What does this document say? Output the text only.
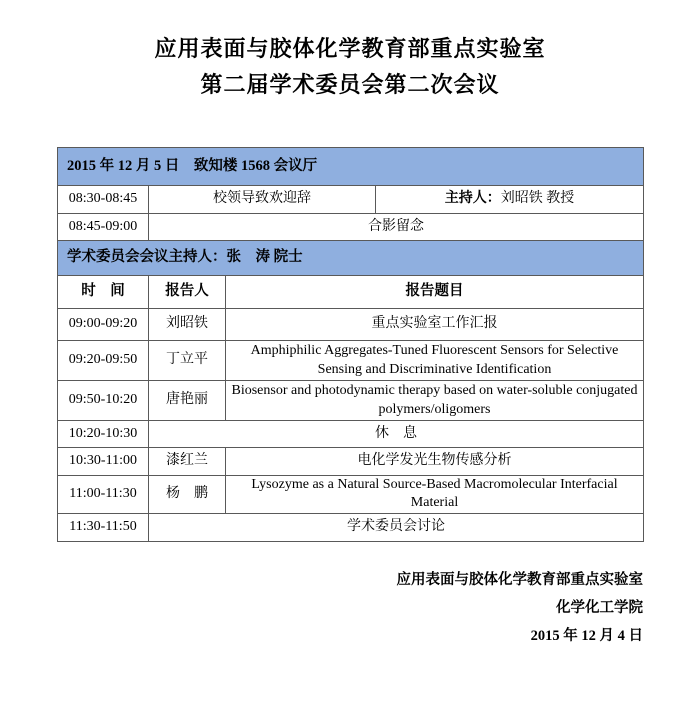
应用表面与胶体化学教育部重点实验室
第二届学术委员会第二次会议
2015 年 12 月 5 日　致知楼 1568 会议厅			
08:30-08:45	校领导致欢迎辞		主持人：刘昭铁 教授
08:45-09:00	合影留念		
学术委员会会议主持人：张　涛 院士			
时　间	报告人	报告题目	
09:00-09:20	刘昭铁	重点实验室工作汇报	
09:20-09:50	丁立平	Amphiphilic Aggregates-Tuned Fluorescent Sensors for Selective Sensing and Discriminative Identification	
09:50-10:20	唐艳丽	Biosensor and photodynamic therapy based on water-soluble conjugated polymers/oligomers	
10:20-10:30	休　息		
10:30-11:00	漆红兰	电化学发光生物传感分析	
11:00-11:30	杨　鹏	Lysozyme as a Natural Source-Based Macromolecular Interfacial Material	
11:30-11:50	学术委员会讨论		
应用表面与胶体化学教育部重点实验室
化学化工学院
2015 年 12 月 4 日
